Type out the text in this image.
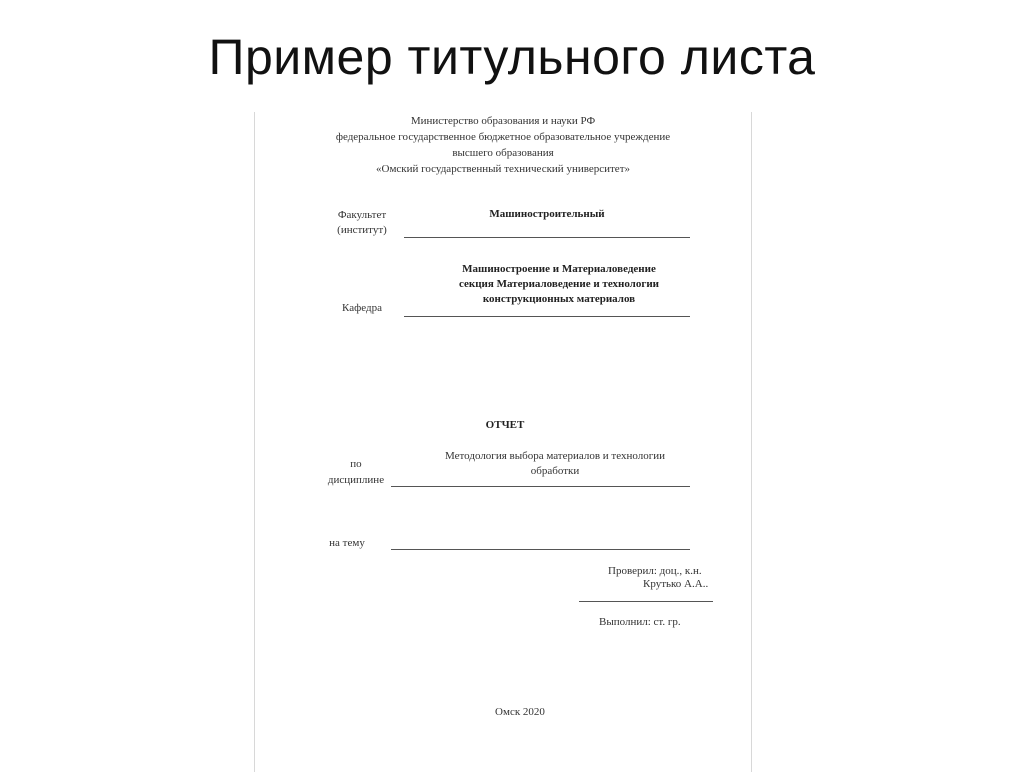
Пример титульного листа
Министерство образования и науки РФ
федеральное государственное бюджетное образовательное учреждение
высшего образования
«Омский государственный технический университет»
Факультет
(институт)
Машиностроительный
Машиностроение и Материаловедение
секция Материаловедение и технологии
конструкционных материалов
Кафедра
ОТЧЕТ
Методология выбора материалов и технологии
обработки
по
дисциплине
на тему
Проверил: доц., к.н.
Крутько А.А..
Выполнил: ст. гр.
Омск 2020
